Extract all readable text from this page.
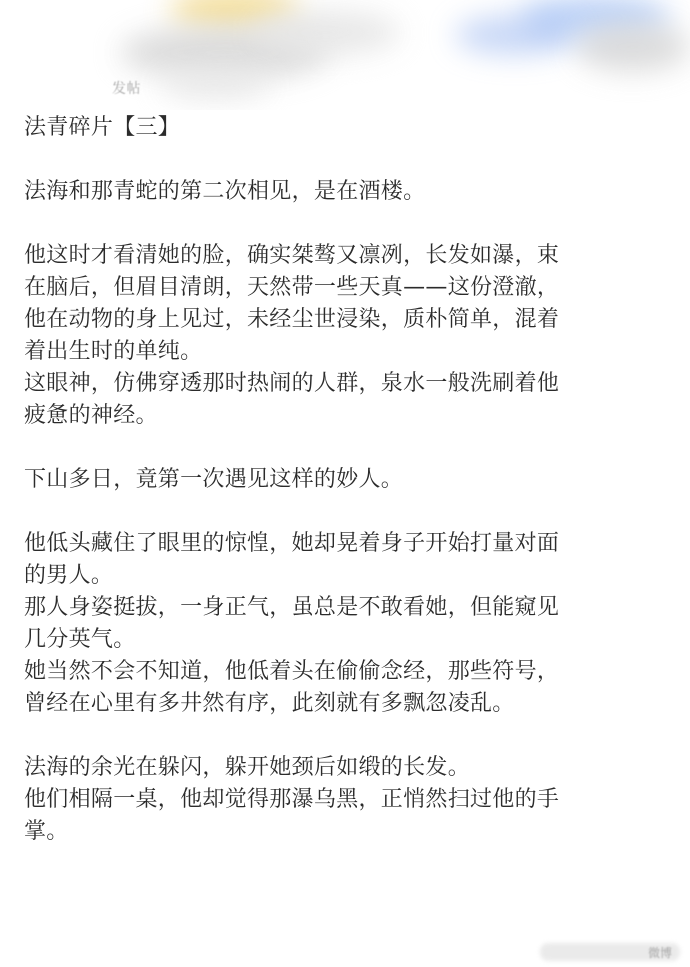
发帖
法青碎片【三】
法海和那青蛇的第二次相见，是在酒楼。
他这时才看清她的脸，确实桀骜又凛冽，长发如瀑，束
在脑后，但眉目清朗，天然带一些天真——这份澄澈，
他在动物的身上见过，未经尘世浸染，质朴简单，混着
着出生时的单纯。
这眼神，仿佛穿透那时热闹的人群，泉水一般洗刷着他
疲惫的神经。
下山多日，竟第一次遇见这样的妙人。
他低头藏住了眼里的惊惶，她却晃着身子开始打量对面
的男人。
那人身姿挺拔，一身正气，虽总是不敢看她，但能窥见
几分英气。
她当然不会不知道，他低着头在偷偷念经，那些符号，
曾经在心里有多井然有序，此刻就有多飘忽凌乱。
法海的余光在躲闪，躲开她颈后如缎的长发。
他们相隔一桌，他却觉得那瀑乌黑，正悄然扫过他的手
掌。
微博
